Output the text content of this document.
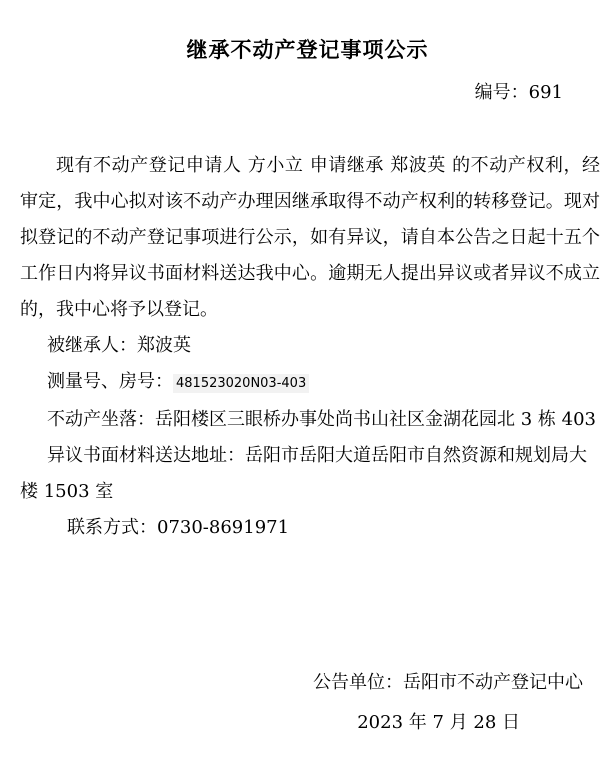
继承不动产登记事项公示
编号：691

现有不动产登记申请人 方小立 申请继承 郑波英 的不动产权利，经审定，我中心拟对该不动产办理因继承取得不动产权利的转移登记。现对拟登记的不动产登记事项进行公示，如有异议，请自本公告之日起十五个工作日内将异议书面材料送达我中心。逾期无人提出异议或者异议不成立的，我中心将予以登记。

被继承人：郑波英

测量号、房号： 481523020N03-403

不动产坐落：岳阳楼区三眼桥办事处尚书山社区金湖花园北 3 栋 403

异议书面材料送达地址：岳阳市岳阳大道岳阳市自然资源和规划局大楼 1503 室

联系方式：0730-8691971

公告单位：岳阳市不动产登记中心
2023 年 7 月 28 日
